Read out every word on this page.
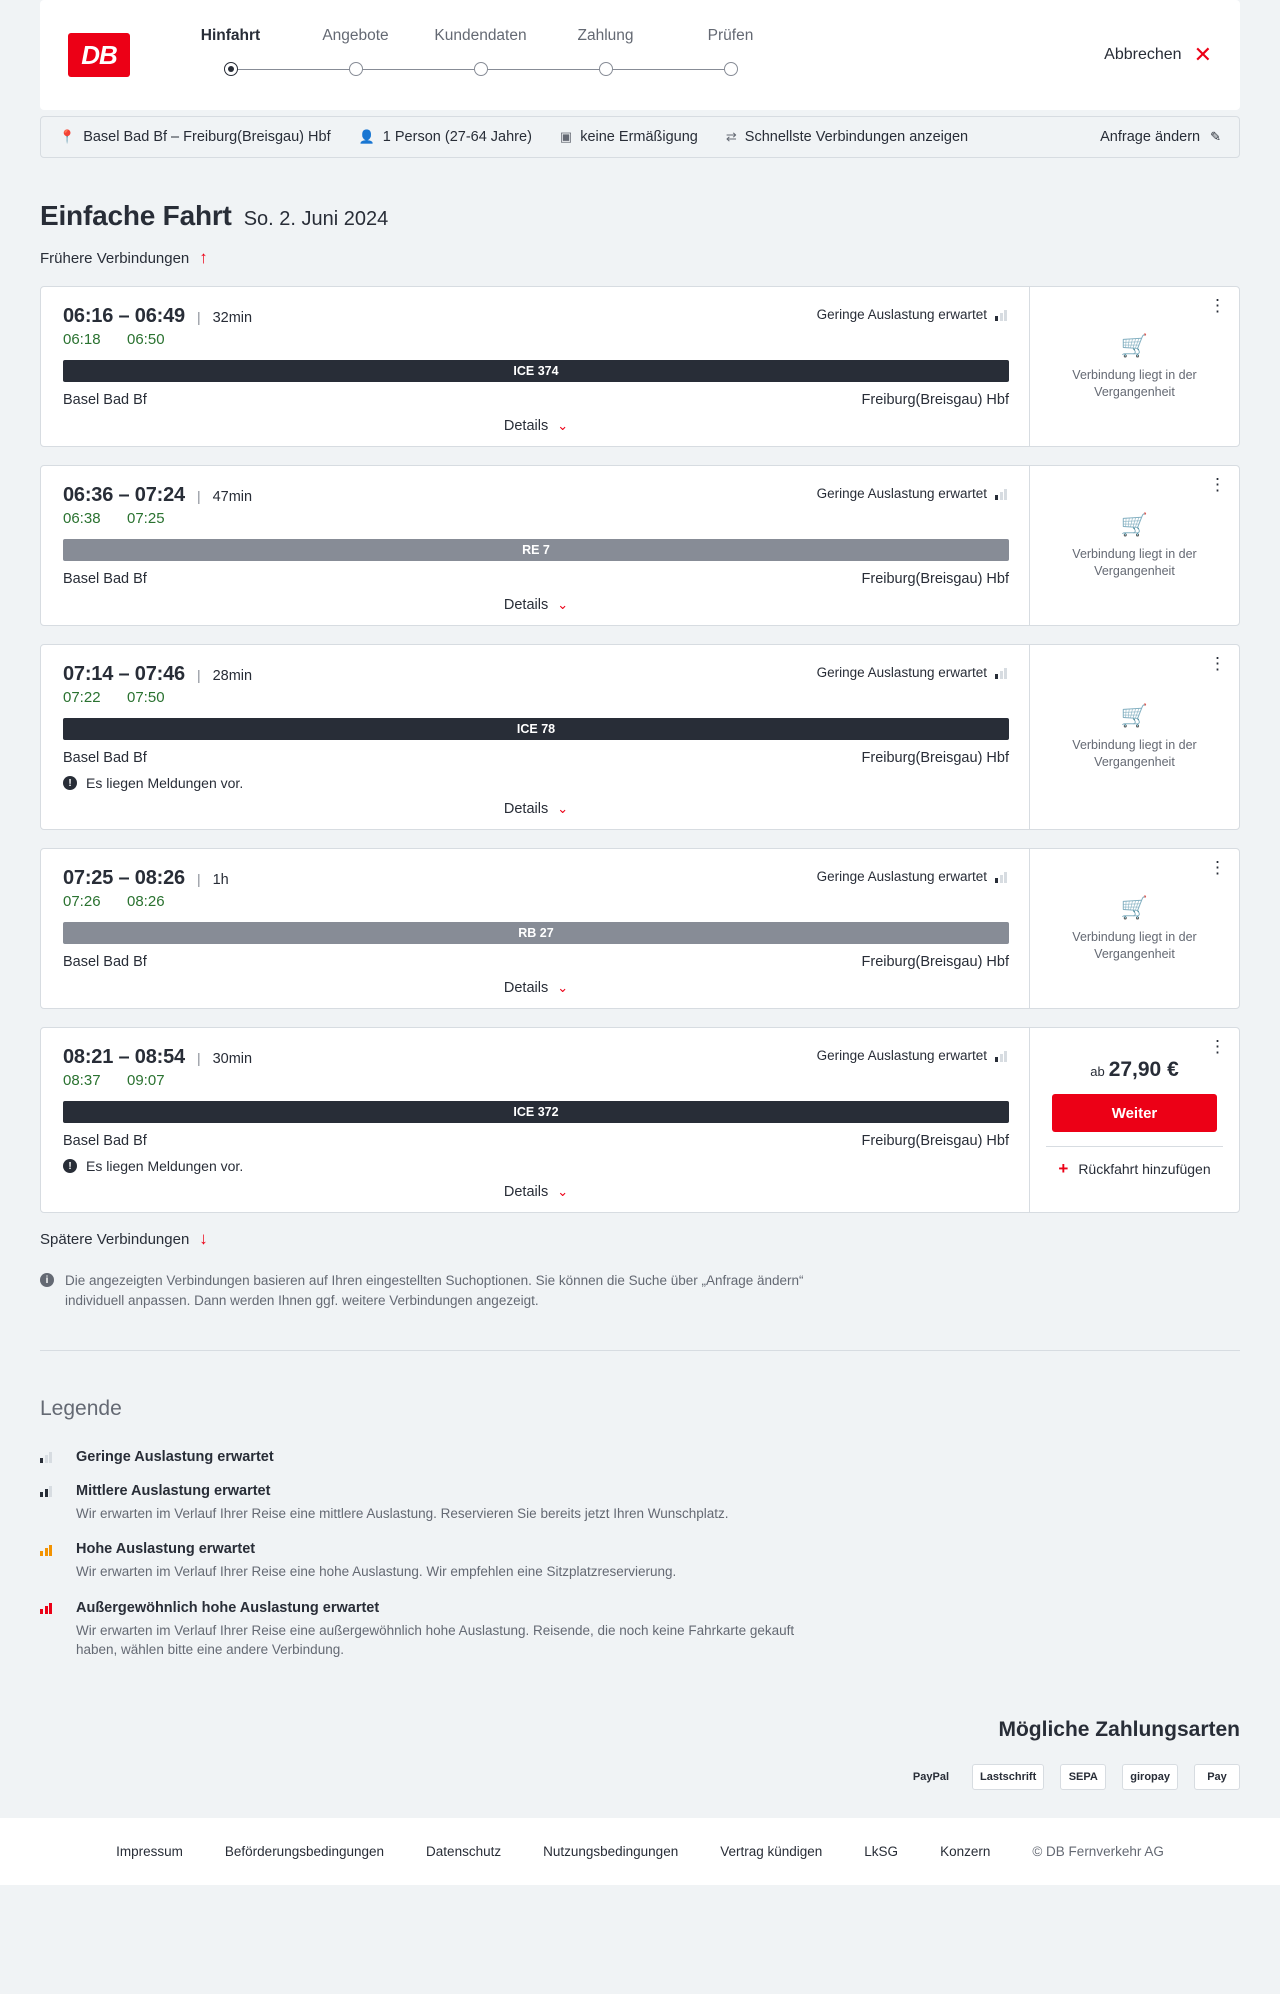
DB
Hinfahrt	Angebote	Kundendaten	Zahlung	Prüfen
Abbrechen ✕
📍 Basel Bad Bf – Freiburg(Breisgau) Hbf 👤 1 Person (27-64 Jahre) ▣ keine Ermäßigung ⇄ Schnellste Verbindungen anzeigen	Anfrage ändern ✎
Einfache Fahrt So. 2. Juni 2024
Frühere Verbindungen ↑
06:16 – 06:49 | 32min	Geringe Auslastung erwartet
06:18	06:50
ICE 374
Basel Bad Bf	Freiburg(Breisgau) Hbf
Details ⌄
⋮
🛒
Verbindung liegt in der Vergangenheit
06:36 – 07:24 | 47min	Geringe Auslastung erwartet
06:38	07:25
RE 7
Basel Bad Bf	Freiburg(Breisgau) Hbf
Details ⌄
⋮
🛒
Verbindung liegt in der Vergangenheit
07:14 – 07:46 | 28min	Geringe Auslastung erwartet
07:22	07:50
ICE 78
Basel Bad Bf	Freiburg(Breisgau) Hbf
!	Es liegen Meldungen vor.
Details ⌄
⋮
🛒
Verbindung liegt in der Vergangenheit
07:25 – 08:26 | 1h	Geringe Auslastung erwartet
07:26	08:26
RB 27
Basel Bad Bf	Freiburg(Breisgau) Hbf
Details ⌄
⋮
🛒
Verbindung liegt in der Vergangenheit
08:21 – 08:54 | 30min	Geringe Auslastung erwartet
08:37	09:07
ICE 372
Basel Bad Bf	Freiburg(Breisgau) Hbf
!	Es liegen Meldungen vor.
Details ⌄
⋮
ab 27,90 €
Weiter
+ Rückfahrt hinzufügen
Spätere Verbindungen ↓
i	Die angezeigten Verbindungen basieren auf Ihren eingestellten Suchoptionen. Sie können die Suche über „Anfrage ändern“ individuell anpassen. Dann werden Ihnen ggf. weitere Verbindungen angezeigt.
Legende
Geringe Auslastung erwartet
Mittlere Auslastung erwartet
Wir erwarten im Verlauf Ihrer Reise eine mittlere Auslastung. Reservieren Sie bereits jetzt Ihren Wunschplatz.
Hohe Auslastung erwartet
Wir erwarten im Verlauf Ihrer Reise eine hohe Auslastung. Wir empfehlen eine Sitzplatzreservierung.
Außergewöhnlich hohe Auslastung erwartet
Wir erwarten im Verlauf Ihrer Reise eine außergewöhnlich hohe Auslastung. Reisende, die noch keine Fahrkarte gekauft haben, wählen bitte eine andere Verbindung.
Mögliche Zahlungsarten
PayPal	Lastschrift	SEPA	giropay	Pay
Impressum	Beförderungsbedingungen	Datenschutz	Nutzungsbedingungen	Vertrag kündigen	LkSG	Konzern	© DB Fernverkehr AG
